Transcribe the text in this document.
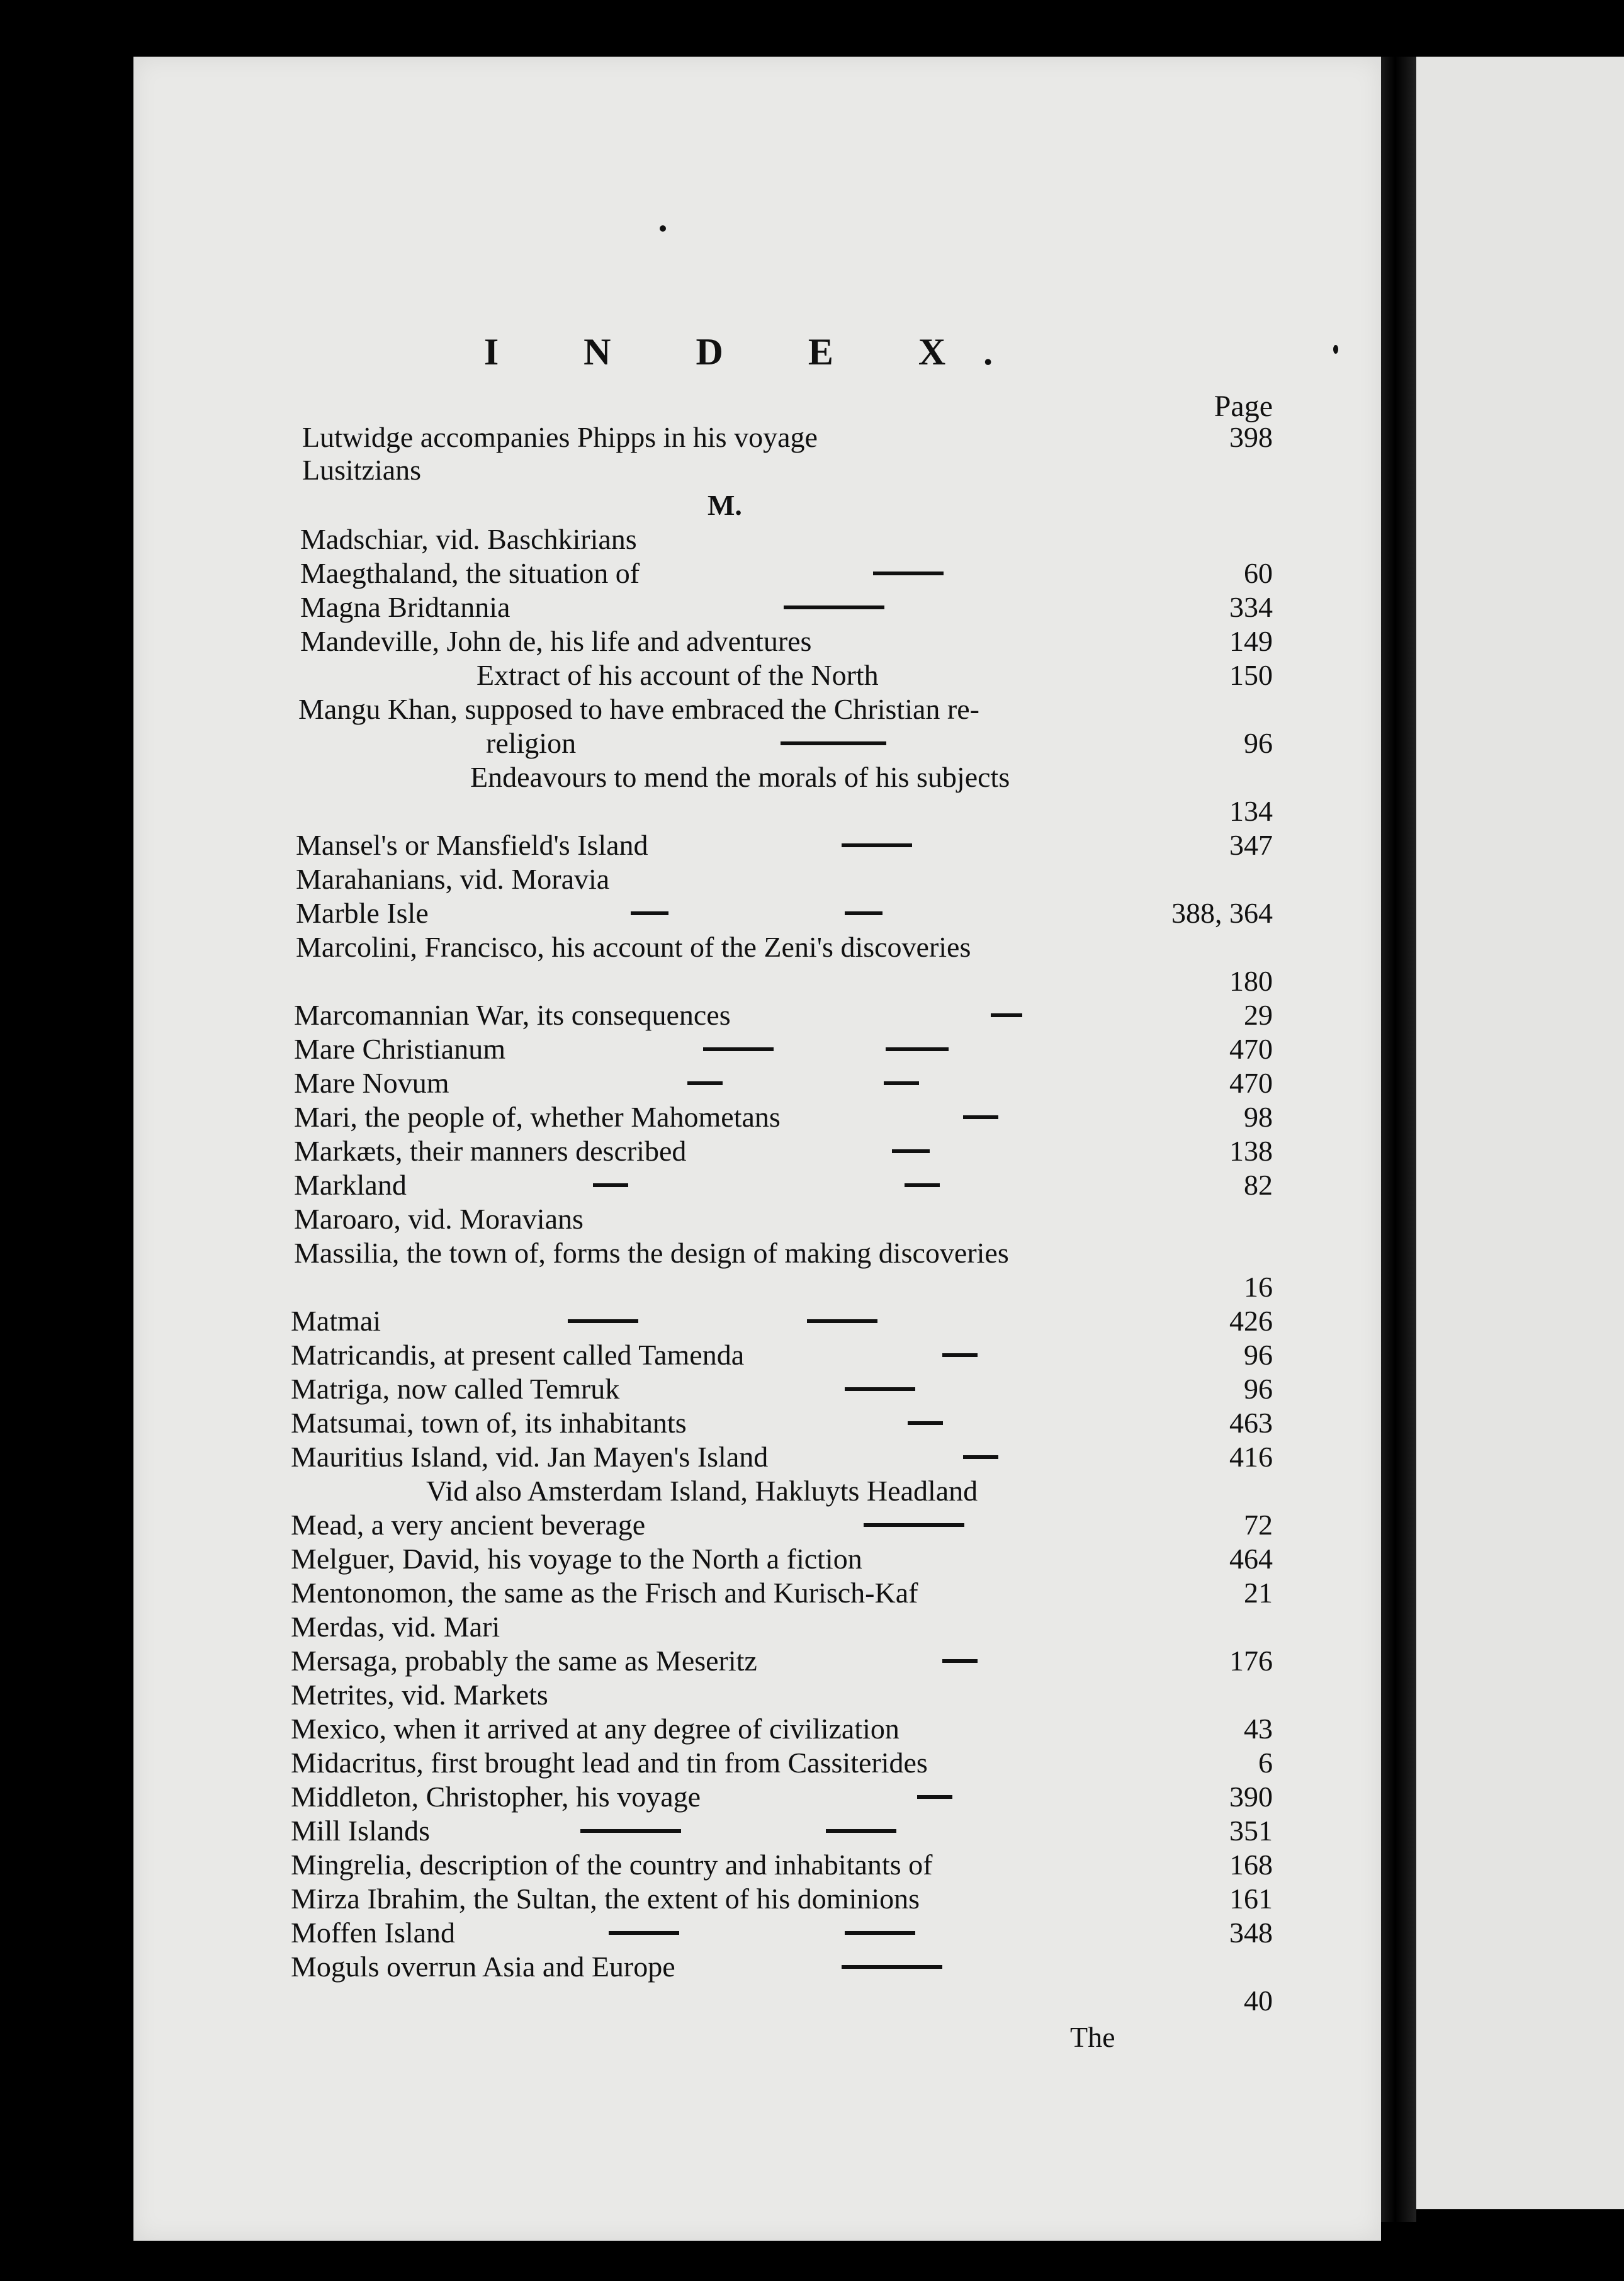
I N D E X.
Page
Lutwidge accompanies Phipps in his voyage	398
Lusitzians
M.
Madschiar, vid. Baschkirians
Maegthaland, the situation of	60
Magna Bridtannia	334
Mandeville, John de, his life and adventures	149
Extract of his account of the North	150
Mangu Khan, supposed to have embraced the Christian re-
religion	96
Endeavours to mend the morals of his subjects
134
Mansel's or Mansfield's Island	347
Marahanians, vid. Moravia
Marble Isle	388, 364
Marcolini, Francisco, his account of the Zeni's discoveries
180
Marcomannian War, its consequences	29
Mare Christianum	470
Mare Novum	470
Mari, the people of, whether Mahometans	98
Markæts, their manners described	138
Markland	82
Maroaro, vid. Moravians
Massilia, the town of, forms the design of making discoveries
16
Matmai	426
Matricandis, at present called Tamenda	96
Matriga, now called Temruk	96
Matsumai, town of, its inhabitants	463
Mauritius Island, vid. Jan Mayen's Island	416
Vid also Amsterdam Island, Hakluyts Headland
Mead, a very ancient beverage	72
Melguer, David, his voyage to the North a fiction	464
Mentonomon, the same as the Frisch and Kurisch-Kaf	21
Merdas, vid. Mari
Mersaga, probably the same as Meseritz	176
Metrites, vid. Markets
Mexico, when it arrived at any degree of civilization	43
Midacritus, first brought lead and tin from Cassiterides	6
Middleton, Christopher, his voyage	390
Mill Islands	351
Mingrelia, description of the country and inhabitants of	168
Mirza Ibrahim, the Sultan, the extent of his dominions	161
Moffen Island	348
Moguls overrun Asia and Europe
40
The
